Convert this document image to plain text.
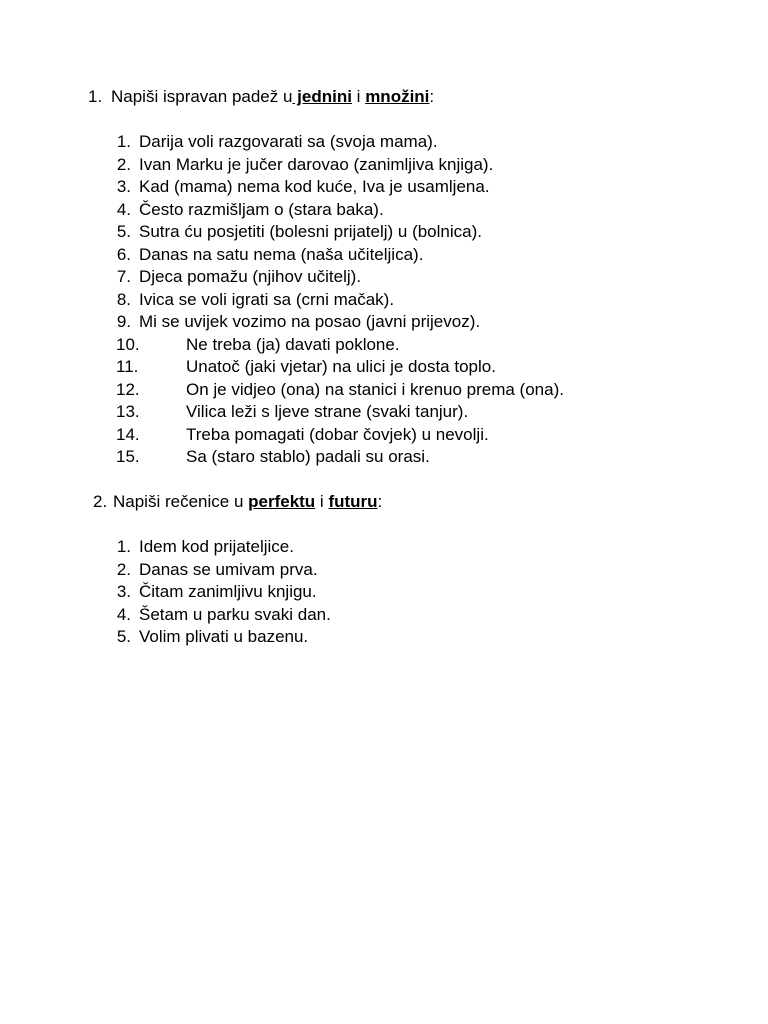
1. Napiši ispravan padež u jednini i množini:
1. Darija voli razgovarati sa (svoja mama).
2. Ivan Marku je jučer darovao (zanimljiva knjiga).
3. Kad (mama) nema kod kuće, Iva je usamljena.
4. Često razmišljam o (stara baka).
5. Sutra ću posjetiti (bolesni prijatelj) u (bolnica).
6. Danas na satu nema (naša učiteljica).
7. Djeca pomažu (njihov učitelj).
8. Ivica se voli igrati sa (crni mačak).
9. Mi se uvijek vozimo na posao (javni prijevoz).
10.	Ne treba (ja) davati poklone.
11.	Unatoč (jaki vjetar) na ulici je dosta toplo.
12.	On je vidjeo (ona) na stanici i krenuo prema (ona).
13.	Vilica leži s ljeve strane (svaki tanjur).
14.	Treba pomagati (dobar čovjek) u nevolji.
15.	Sa (staro stablo) padali su orasi.
2. Napiši rečenice u perfektu i futuru:
1. Idem kod prijateljice.
2. Danas se umivam prva.
3. Čitam zanimljivu knjigu.
4. Šetam u parku svaki dan.
5. Volim plivati u bazenu.
